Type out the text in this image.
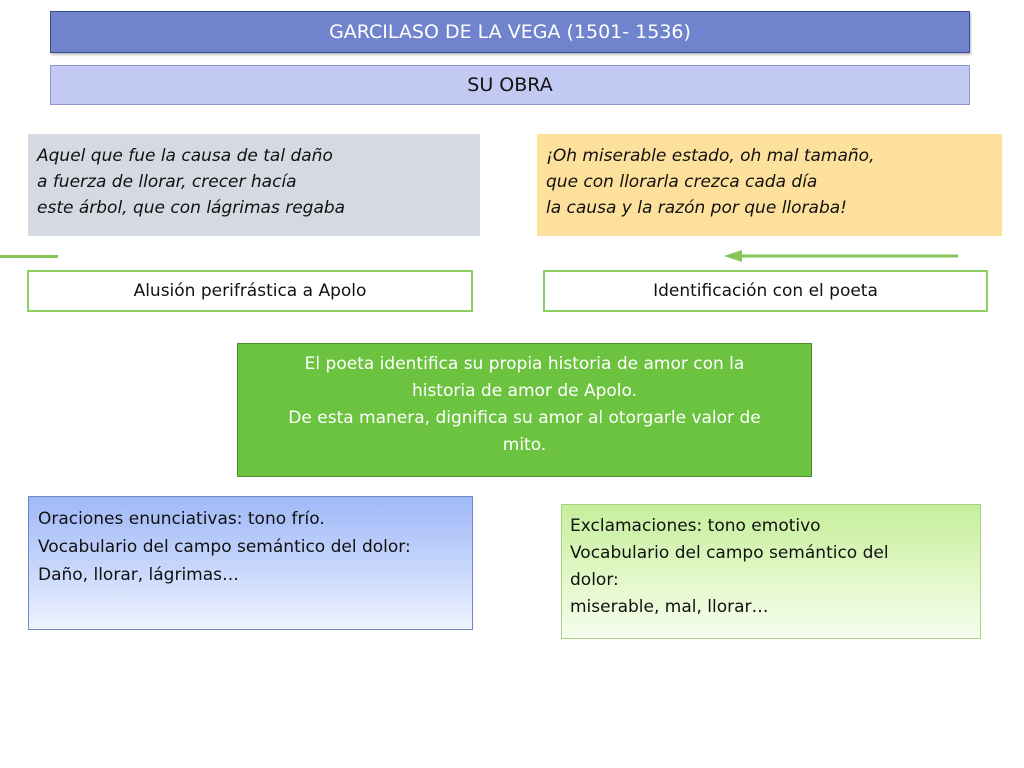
GARCILASO DE LA VEGA (1501- 1536)
SU OBRA
Aquel que fue la causa de tal daño
a fuerza de llorar, crecer hacía
este árbol, que con lágrimas regaba
¡Oh miserable estado, oh mal tamaño,
que con llorarla crezca cada día
la causa y la razón por que lloraba!
Alusión perifrástica a Apolo	Identificación con el poeta
El poeta identifica su propia historia de amor con la
historia de amor de Apolo.
De esta manera, dignifica su amor al otorgarle valor de
mito.
Oraciones enunciativas: tono frío.
Vocabulario del campo semántico del dolor:
Daño, llorar, lágrimas…
Exclamaciones: tono emotivo
Vocabulario del campo semántico del
dolor:
miserable, mal, llorar…
